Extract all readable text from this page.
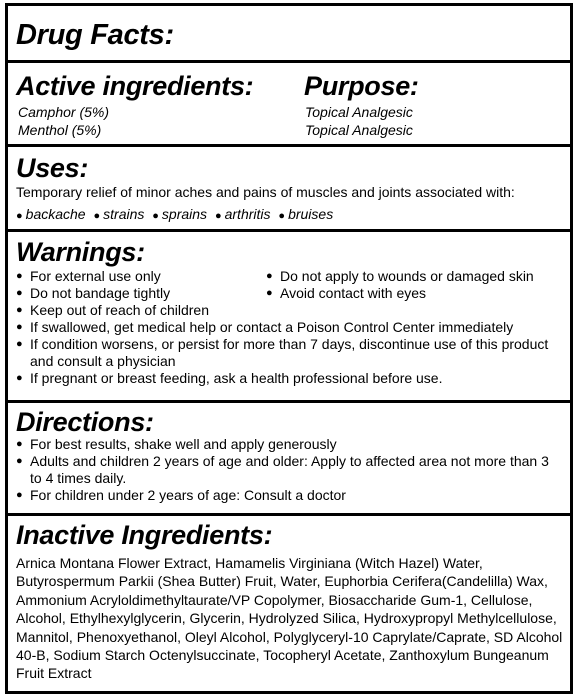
Drug Facts:
Active ingredients: Purpose:
Camphor (5%)
Menthol (5%)
Topical Analgesic
Topical Analgesic
Uses:
Temporary relief of minor aches and pains of muscles and joints associated with:
● backache ● strains ● sprains ● arthritis ● bruises
Warnings:
● For external use only
● Do not bandage tightly
● Do not apply to wounds or damaged skin
● Avoid contact with eyes
● Keep out of reach of children
● If swallowed, get medical help or contact a Poison Control Center immediately
● If condition worsens, or persist for more than 7 days, discontinue use of this product and consult a physician
● If pregnant or breast feeding, ask a health professional before use.
Directions:
● For best results, shake well and apply generously
● Adults and children 2 years of age and older: Apply to affected area not more than 3 to 4 times daily.
● For children under 2 years of age: Consult a doctor
Inactive Ingredients:
Arnica Montana Flower Extract, Hamamelis Virginiana (Witch Hazel) Water, Butyrospermum Parkii (Shea Butter) Fruit, Water, Euphorbia Cerifera(Candelilla) Wax, Ammonium Acryloldimethyltaurate/VP Copolymer, Biosaccharide Gum-1, Cellulose, Alcohol, Ethylhexylglycerin, Glycerin, Hydrolyzed Silica, Hydroxypropyl Methylcellulose, Mannitol, Phenoxyethanol, Oleyl Alcohol, Polyglyceryl-10 Caprylate/Caprate, SD Alcohol 40-B, Sodium Starch Octenylsuccinate, Tocopheryl Acetate, Zanthoxylum Bungeanum Fruit Extract
